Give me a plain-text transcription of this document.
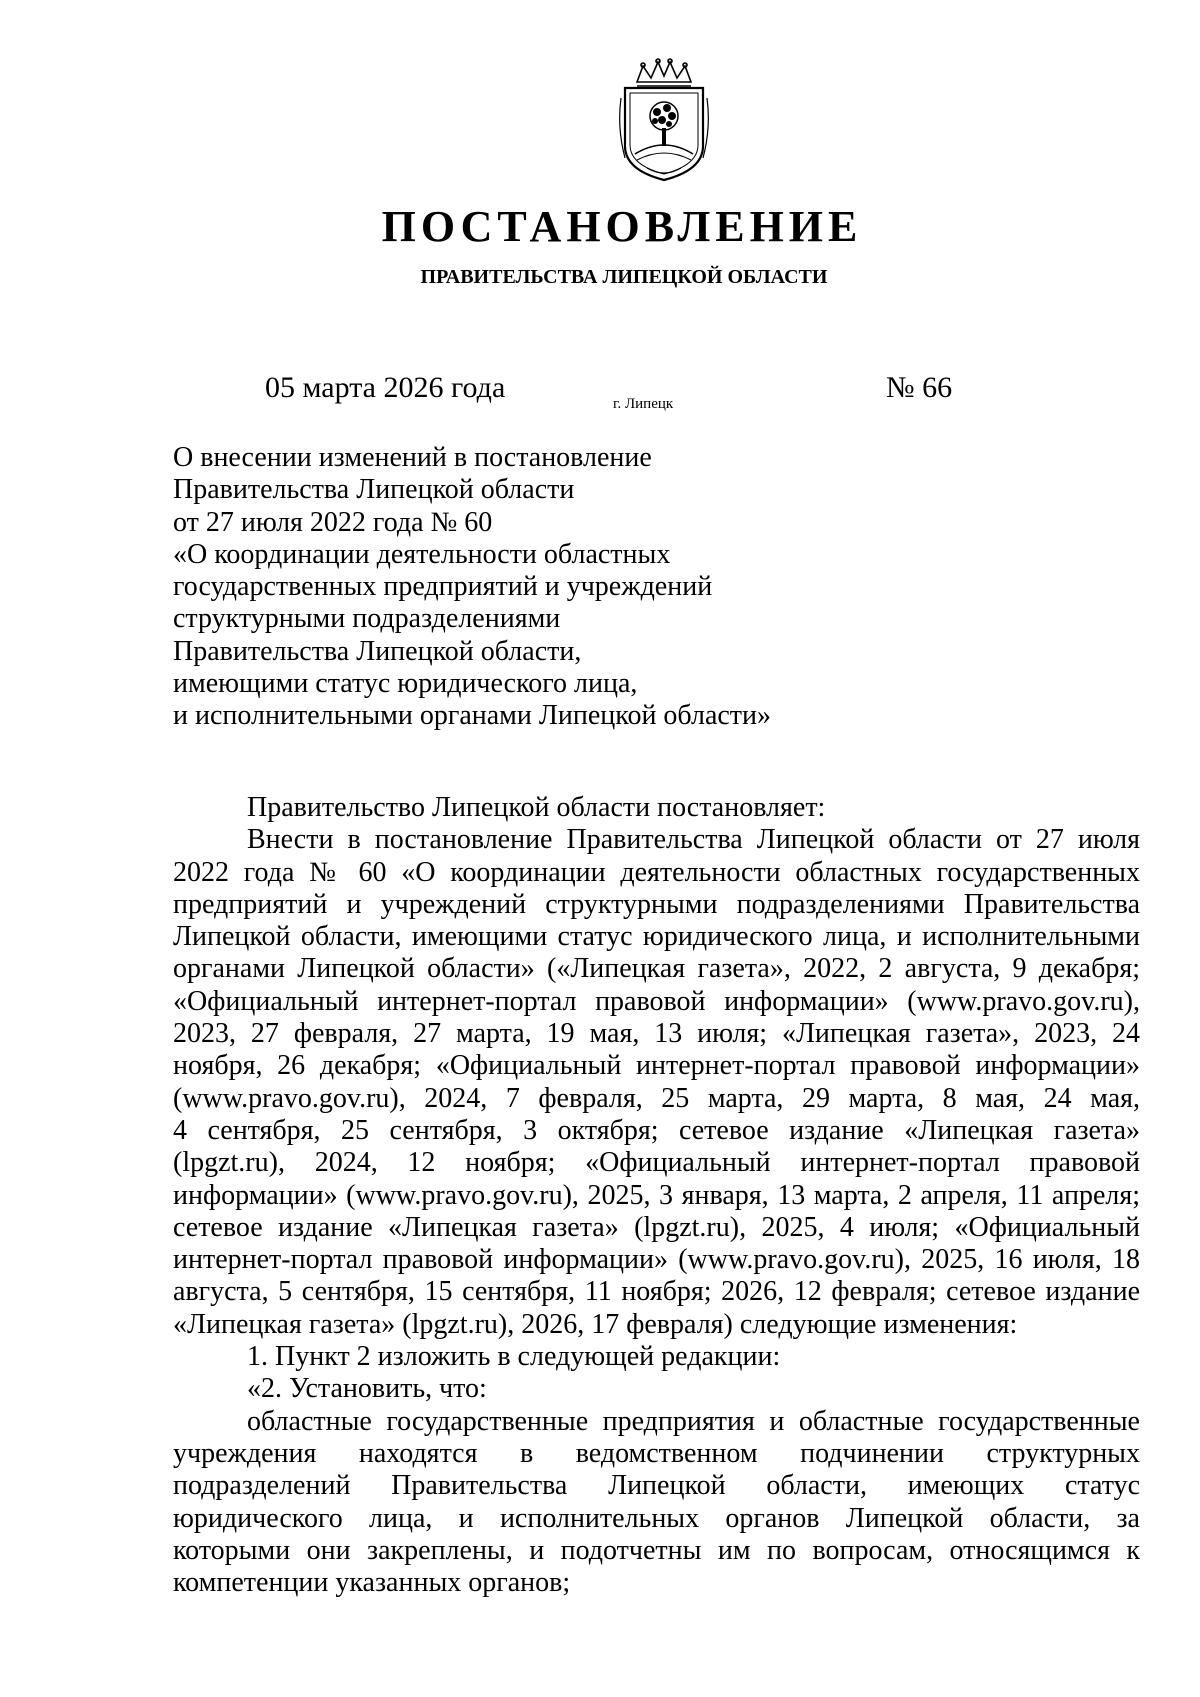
ПОСТАНОВЛЕНИЕ
ПРАВИТЕЛЬСТВА ЛИПЕЦКОЙ ОБЛАСТИ
05 марта 2026 года	г. Липецк	№ 66
О внесении изменений в постановление
Правительства Липецкой области
от 27 июля 2022 года № 60
«О координации деятельности областных
государственных предприятий и учреждений
структурными подразделениями
Правительства Липецкой области,
имеющими статус юридического лица,
и исполнительными органами Липецкой области»
Правительство Липецкой области постановляет:
Внести в постановление Правительства Липецкой области от 27 июля
2022 года № 60 «О координации деятельности областных государственных
предприятий и учреждений структурными подразделениями Правительства
Липецкой области, имеющими статус юридического лица, и исполнительными
органами Липецкой области» («Липецкая газета», 2022, 2 августа, 9 декабря;
«Официальный интернет-портал правовой информации» (www.pravo.gov.ru),
2023, 27 февраля, 27 марта, 19 мая, 13 июля; «Липецкая газета», 2023, 24
ноября, 26 декабря; «Официальный интернет-портал правовой информации»
(www.pravo.gov.ru), 2024, 7 февраля, 25 марта, 29 марта, 8 мая, 24 мая,
4 сентября, 25 сентября, 3 октября; сетевое издание «Липецкая газета»
(lpgzt.ru), 2024, 12 ноября; «Официальный интернет-портал правовой
информации» (www.pravo.gov.ru), 2025, 3 января, 13 марта, 2 апреля, 11 апреля;
сетевое издание «Липецкая газета» (lpgzt.ru), 2025, 4 июля; «Официальный
интернет-портал правовой информации» (www.pravo.gov.ru), 2025, 16 июля, 18
августа, 5 сентября, 15 сентября, 11 ноября; 2026, 12 февраля; сетевое издание
«Липецкая газета» (lpgzt.ru), 2026, 17 февраля) следующие изменения:
1. Пункт 2 изложить в следующей редакции:
«2. Установить, что:
областные государственные предприятия и областные государственные
учреждения находятся в ведомственном подчинении структурных
подразделений Правительства Липецкой области, имеющих статус
юридического лица, и исполнительных органов Липецкой области, за
которыми они закреплены, и подотчетны им по вопросам, относящимся к
компетенции указанных органов;
